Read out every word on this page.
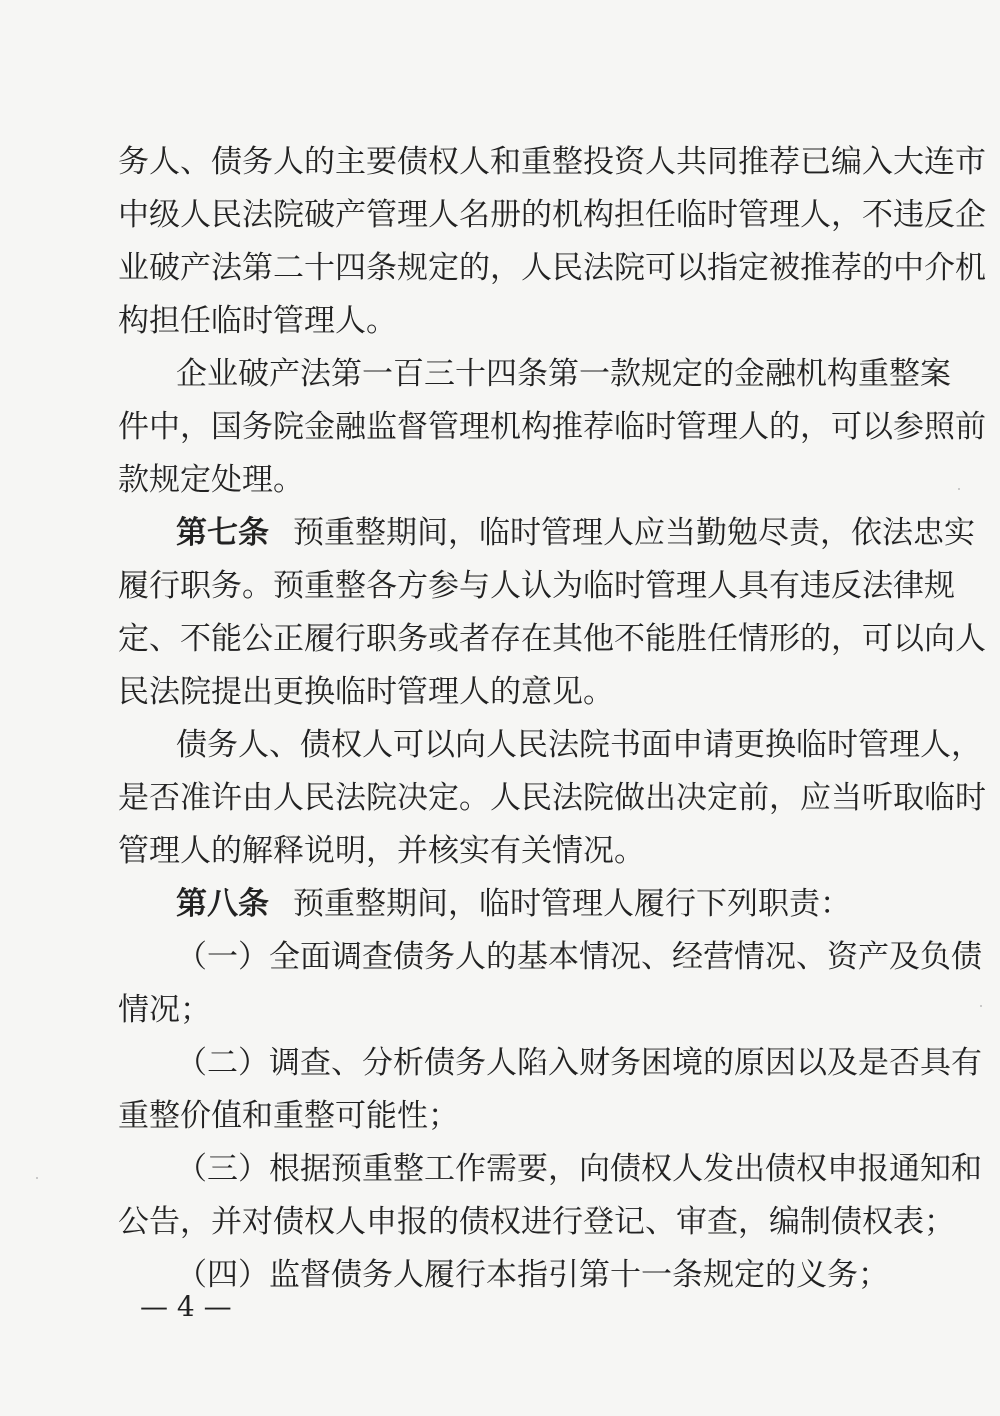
务人、债务人的主要债权人和重整投资人共同推荐已编入大连市
中级人民法院破产管理人名册的机构担任临时管理人，不违反企
业破产法第二十四条规定的，人民法院可以指定被推荐的中介机
构担任临时管理人。
企业破产法第一百三十四条第一款规定的金融机构重整案
件中，国务院金融监督管理机构推荐临时管理人的，可以参照前
款规定处理。
第七条 预重整期间，临时管理人应当勤勉尽责，依法忠实
履行职务。预重整各方参与人认为临时管理人具有违反法律规
定、不能公正履行职务或者存在其他不能胜任情形的，可以向人
民法院提出更换临时管理人的意见。
债务人、债权人可以向人民法院书面申请更换临时管理人，
是否准许由人民法院决定。人民法院做出决定前，应当听取临时
管理人的解释说明，并核实有关情况。
第八条 预重整期间，临时管理人履行下列职责：
（一）全面调查债务人的基本情况、经营情况、资产及负债
情况；
（二）调查、分析债务人陷入财务困境的原因以及是否具有
重整价值和重整可能性；
（三）根据预重整工作需要，向债权人发出债权申报通知和
公告，并对债权人申报的债权进行登记、审查，编制债权表；
（四）监督债务人履行本指引第十一条规定的义务；
— 4 —
